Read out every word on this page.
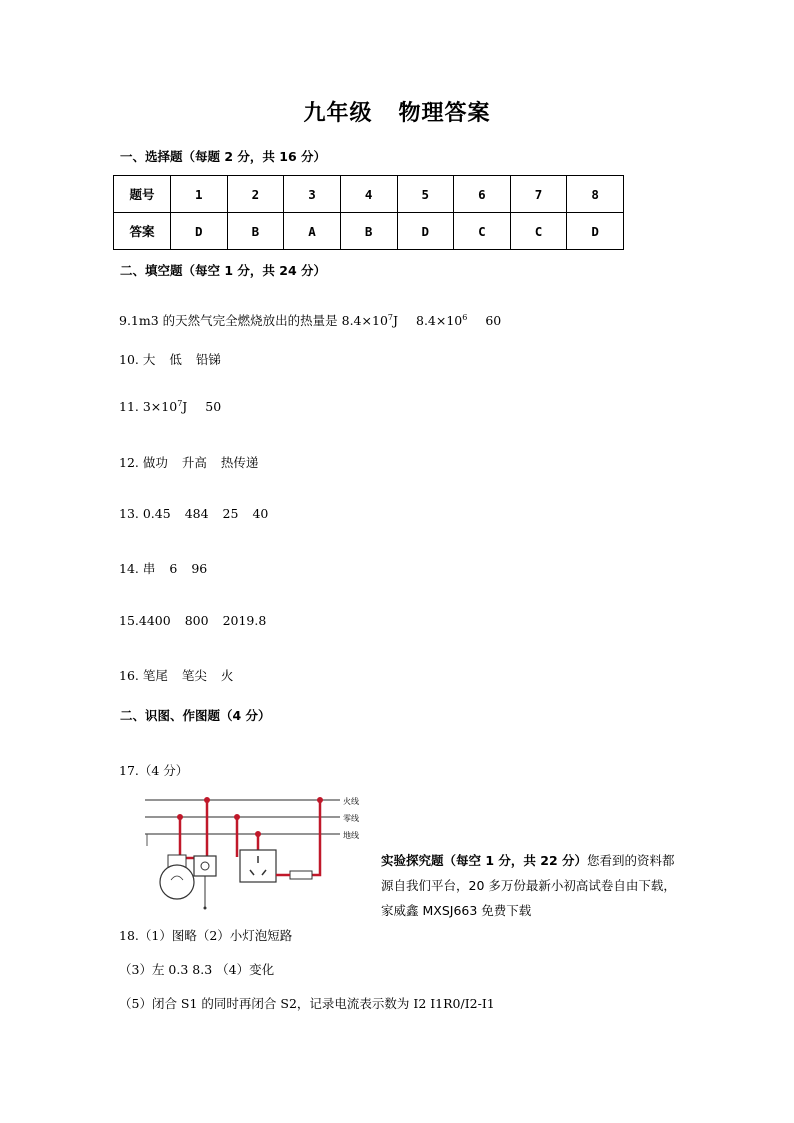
九年级 物理答案
一、选择题（每题 2 分，共 16 分）
题号	1	2	3	4	5	6	7	8
答案	D	B	A	B	D	C	C	D
二、填空题（每空 1 分，共 24 分）
9.1m3 的天然气完全燃烧放出的热量是 $8.4\times 10^7J$ $8.4\times 10^6$ 60
10. 大 低 铅锑
11. $3\times 10^7J$ 50
12. 做功 升高 热传递
13. 0.45 484 25 40
14. 串 6 96
15.4400 800 2019.8
16. 笔尾 笔尖 火
二、识图、作图题（4 分）
17.（4 分）
火线
零线
地线
实验探究题（每空 1 分，共 22 分）您看到的资料都源自我们平台，20 多万份最新小初高试卷自由下载，家威鑫 MXSJ663 免费下载
18.（1）图略（2）小灯泡短路
（3）左 0.3 8.3 （4）变化
（5）闭合 S1 的同时再闭合 S2，记录电流表示数为 I2 I1R0/I2-I1
